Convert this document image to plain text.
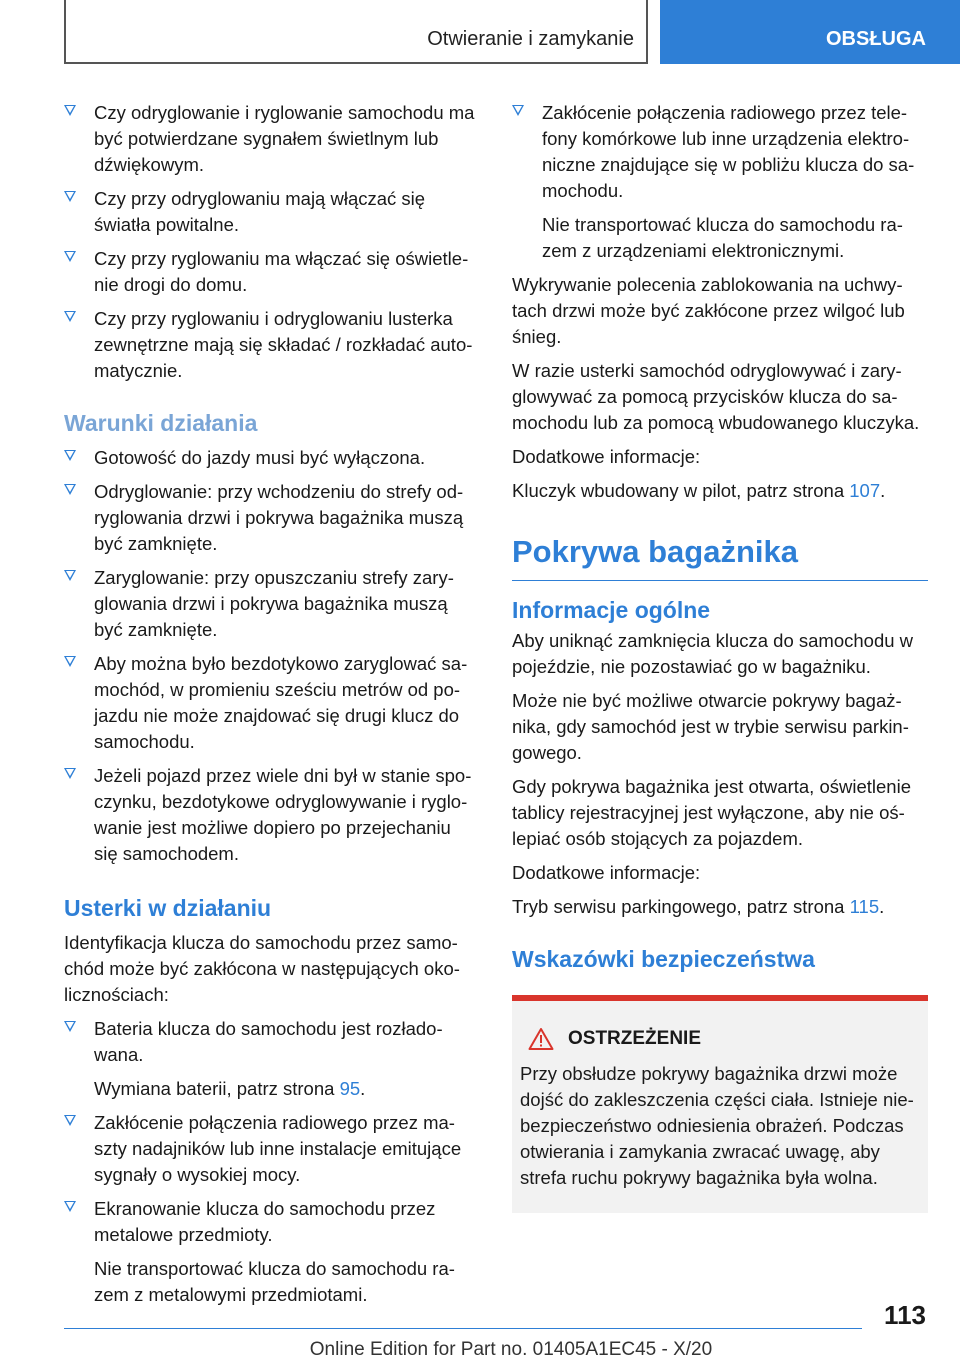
Otwieranie i zamykanie	OBSŁUGA
Czy odryglowanie i ryglowanie samochodu ma być potwierdzane sygnałem świetlnym lub dźwiękowym.
Czy przy odryglowaniu mają włączać się światła powitalne.
Czy przy ryglowaniu ma włączać się oświetlenie drogi do domu.
Czy przy ryglowaniu i odryglowaniu lusterka zewnętrzne mają się składać / rozkładać automatycznie.
Warunki działania
Gotowość do jazdy musi być wyłączona.
Odryglowanie: przy wchodzeniu do strefy odryglowania drzwi i pokrywa bagażnika muszą być zamknięte.
Zaryglowanie: przy opuszczaniu strefy zaryglowania drzwi i pokrywa bagażnika muszą być zamknięte.
Aby można było bezdotykowo zaryglować samochód, w promieniu sześciu metrów od pojazdu nie może znajdować się drugi klucz do samochodu.
Jeżeli pojazd przez wiele dni był w stanie spoczynku, bezdotykowe odryglowywanie i ryglowanie jest możliwe dopiero po przejechaniu się samochodem.
Usterki w działaniu
Identyfikacja klucza do samochodu przez samochód może być zakłócona w następujących okolicznościach:
Bateria klucza do samochodu jest rozładowana.
Wymiana baterii, patrz strona 95.
Zakłócenie połączenia radiowego przez maszty nadajników lub inne instalacje emitujące sygnały o wysokiej mocy.
Ekranowanie klucza do samochodu przez metalowe przedmioty.
Nie transportować klucza do samochodu razem z metalowymi przedmiotami.
Zakłócenie połączenia radiowego przez telefony komórkowe lub inne urządzenia elektroniczne znajdujące się w pobliżu klucza do samochodu.
Nie transportować klucza do samochodu razem z urządzeniami elektronicznymi.
Wykrywanie polecenia zablokowania na uchwytach drzwi może być zakłócone przez wilgoć lub śnieg.
W razie usterki samochód odryglowywać i zaryglowywać za pomocą przycisków klucza do samochodu lub za pomocą wbudowanego kluczyka.
Dodatkowe informacje:
Kluczyk wbudowany w pilot, patrz strona 107.
Pokrywa bagażnika
Informacje ogólne
Aby uniknąć zamknięcia klucza do samochodu w pojeździe, nie pozostawiać go w bagażniku.
Może nie być możliwe otwarcie pokrywy bagażnika, gdy samochód jest w trybie serwisu parkingowego.
Gdy pokrywa bagażnika jest otwarta, oświetlenie tablicy rejestracyjnej jest wyłączone, aby nie oślepiać osób stojących za pojazdem.
Dodatkowe informacje:
Tryb serwisu parkingowego, patrz strona 115.
Wskazówki bezpieczeństwa
OSTRZEŻENIE
Przy obsłudze pokrywy bagażnika drzwi może dojść do zakleszczenia części ciała. Istnieje niebezpieczeństwo odniesienia obrażeń. Podczas otwierania i zamykania zwracać uwagę, aby strefa ruchu pokrywy bagażnika była wolna.
113
Online Edition for Part no. 01405A1EC45 - X/20
